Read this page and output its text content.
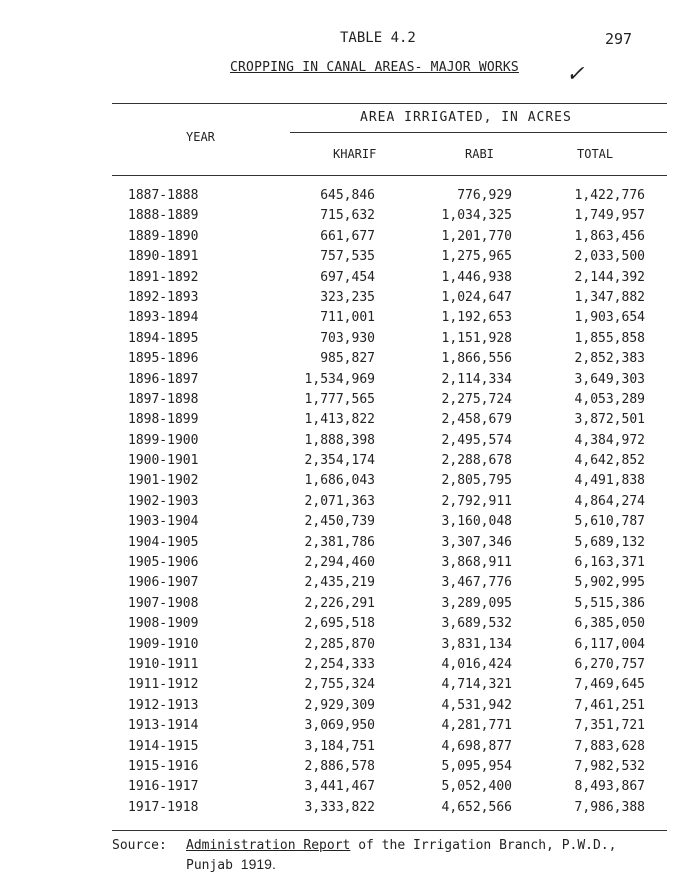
TABLE 4.2	297
CROPPING IN CANAL AREAS- MAJOR WORKS ✓
AREA IRRIGATED, IN ACRES
YEAR
KHARIF	RABI	TOTAL
1887-1888	645,846	776,929	1,422,776
1888-1889	715,632	1,034,325	1,749,957
1889-1890	661,677	1,201,770	1,863,456
1890-1891	757,535	1,275,965	2,033,500
1891-1892	697,454	1,446,938	2,144,392
1892-1893	323,235	1,024,647	1,347,882
1893-1894	711,001	1,192,653	1,903,654
1894-1895	703,930	1,151,928	1,855,858
1895-1896	985,827	1,866,556	2,852,383
1896-1897	1,534,969	2,114,334	3,649,303
1897-1898	1,777,565	2,275,724	4,053,289
1898-1899	1,413,822	2,458,679	3,872,501
1899-1900	1,888,398	2,495,574	4,384,972
1900-1901	2,354,174	2,288,678	4,642,852
1901-1902	1,686,043	2,805,795	4,491,838
1902-1903	2,071,363	2,792,911	4,864,274
1903-1904	2,450,739	3,160,048	5,610,787
1904-1905	2,381,786	3,307,346	5,689,132
1905-1906	2,294,460	3,868,911	6,163,371
1906-1907	2,435,219	3,467,776	5,902,995
1907-1908	2,226,291	3,289,095	5,515,386
1908-1909	2,695,518	3,689,532	6,385,050
1909-1910	2,285,870	3,831,134	6,117,004
1910-1911	2,254,333	4,016,424	6,270,757
1911-1912	2,755,324	4,714,321	7,469,645
1912-1913	2,929,309	4,531,942	7,461,251
1913-1914	3,069,950	4,281,771	7,351,721
1914-1915	3,184,751	4,698,877	7,883,628
1915-1916	2,886,578	5,095,954	7,982,532
1916-1917	3,441,467	5,052,400	8,493,867
1917-1918	3,333,822	4,652,566	7,986,388
Source: Administration Report of the Irrigation Branch, P.W.D.,
Punjab 1919.
